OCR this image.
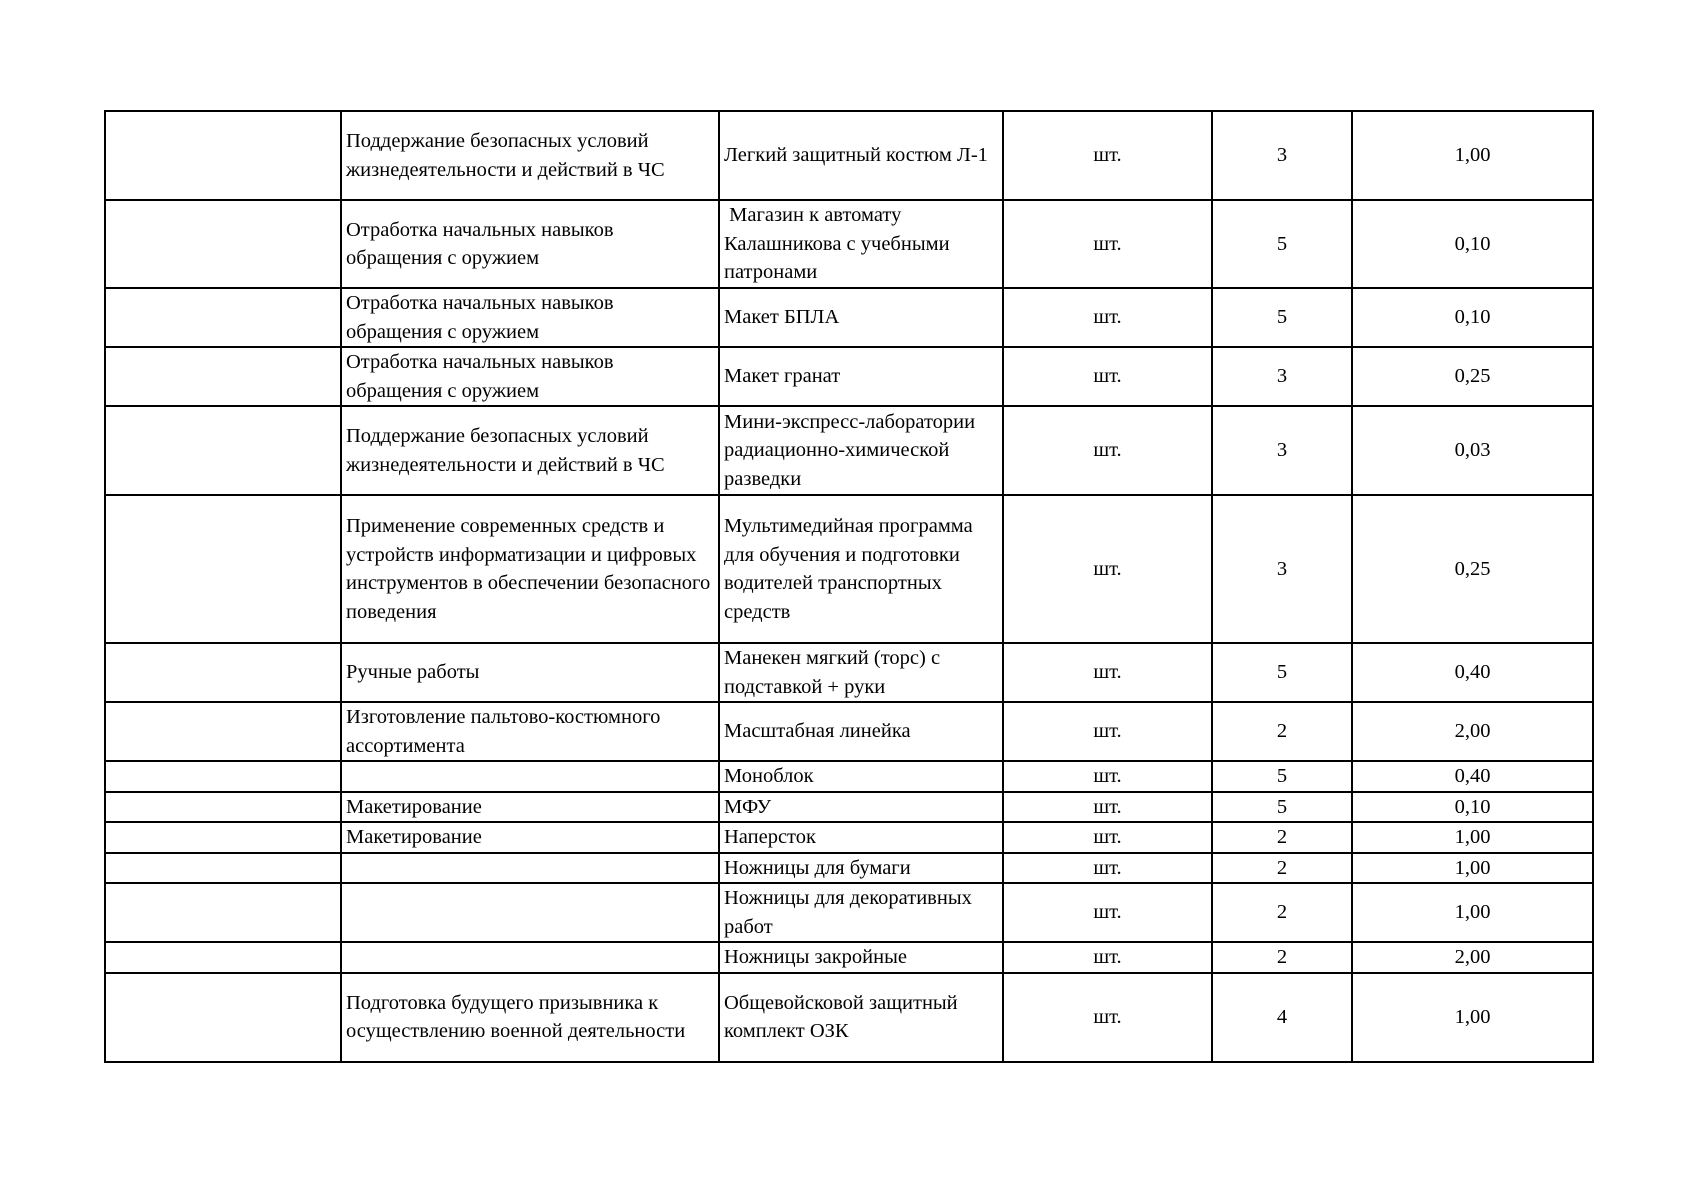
	Поддержание безопасных условий жизнедеятельности и действий в ЧС	Легкий защитный костюм Л-1	шт.	3	1,00
	Отработка начальных навыков обращения с оружием	Магазин к автомату Калашникова с учебными патронами	шт.	5	0,10
	Отработка начальных навыков обращения с оружием	Макет БПЛА	шт.	5	0,10
	Отработка начальных навыков обращения с оружием	Макет гранат	шт.	3	0,25
	Поддержание безопасных условий жизнедеятельности и действий в ЧС	Мини-экспресс-лаборатории радиационно-химической разведки	шт.	3	0,03
	Применение современных средств и устройств информатизации и цифровых инструментов в обеспечении безопасного поведения	Мультимедийная программа для обучения и подготовки водителей транспортных средств	шт.	3	0,25
	Ручные работы	Манекен мягкий (торс) с подставкой + руки	шт.	5	0,40
	Изготовление пальтово-костюмного ассортимента	Масштабная линейка	шт.	2	2,00
		Моноблок	шт.	5	0,40
	Макетирование	МФУ	шт.	5	0,10
	Макетирование	Наперсток	шт.	2	1,00
		Ножницы для бумаги	шт.	2	1,00
		Ножницы для декоративных работ	шт.	2	1,00
		Ножницы закройные	шт.	2	2,00
	Подготовка будущего призывника к осуществлению военной деятельности	Общевойсковой защитный комплект ОЗК	шт.	4	1,00
